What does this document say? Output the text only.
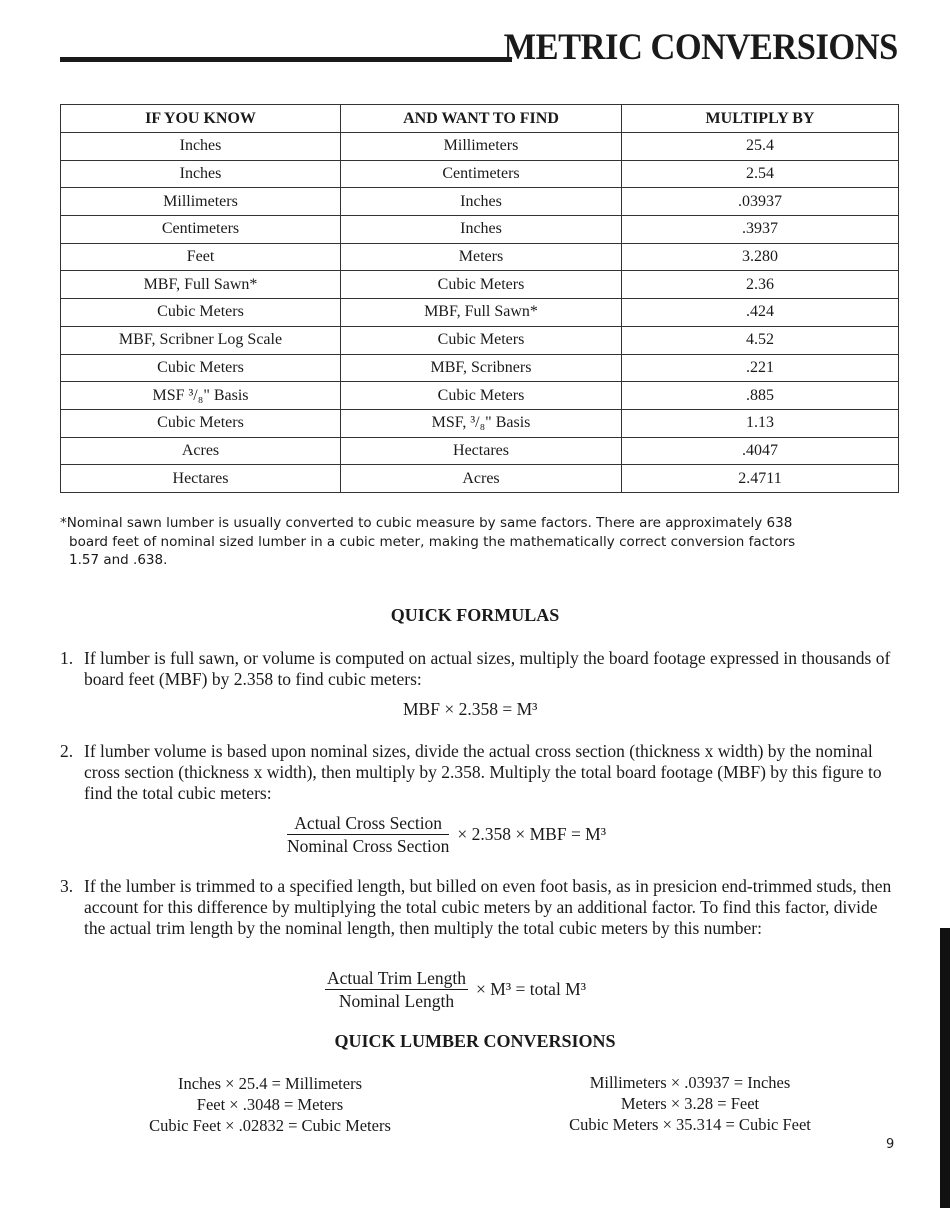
METRIC CONVERSIONS
IF YOU KNOW	AND WANT TO FIND	MULTIPLY BY
Inches	Millimeters	25.4
Inches	Centimeters	2.54
Millimeters	Inches	.03937
Centimeters	Inches	.3937
Feet	Meters	3.280
MBF, Full Sawn*	Cubic Meters	2.36
Cubic Meters	MBF, Full Sawn*	.424
MBF, Scribner Log Scale	Cubic Meters	4.52
Cubic Meters	MBF, Scribners	.221
MSF ³/₈" Basis	Cubic Meters	.885
Cubic Meters	MSF, ³/₈" Basis	1.13
Acres	Hectares	.4047
Hectares	Acres	2.4711
*Nominal sawn lumber is usually converted to cubic measure by same factors. There are approximately 638
board feet of nominal sized lumber in a cubic meter, making the mathematically correct conversion factors
1.57 and .638.
QUICK FORMULAS
1. If lumber is full sawn, or volume is computed on actual sizes, multiply the board footage expressed in thousands of board feet (MBF) by 2.358 to find cubic meters:
MBF × 2.358 = M³
2. If lumber volume is based upon nominal sizes, divide the actual cross section (thickness x width) by the nominal cross section (thickness x width), then multiply by 2.358. Multiply the total board footage (MBF) by this figure to find the total cubic meters:
$\frac{\text{Actual Cross Section}}{\text{Nominal Cross Section}} \times 2.358$ × MBF = M³
3. If the lumber is trimmed to a specified length, but billed on even foot basis, as in presicion end-trimmed studs, then account for this difference by multiplying the total cubic meters by an additional factor. To find this factor, divide the actual trim length by the nominal length, then multiply the total cubic meters by this number:
$\frac{\text{Actual Trim Length}}{\text{Nominal Length}} \times M^3$ = total M³
QUICK LUMBER CONVERSIONS
Inches × 25.4 = Millimeters
Feet × .3048 = Meters
Cubic Feet × .02832 = Cubic Meters
Millimeters × .03937 = Inches
Meters × 3.28 = Feet
Cubic Meters × 35.314 = Cubic Feet
9
